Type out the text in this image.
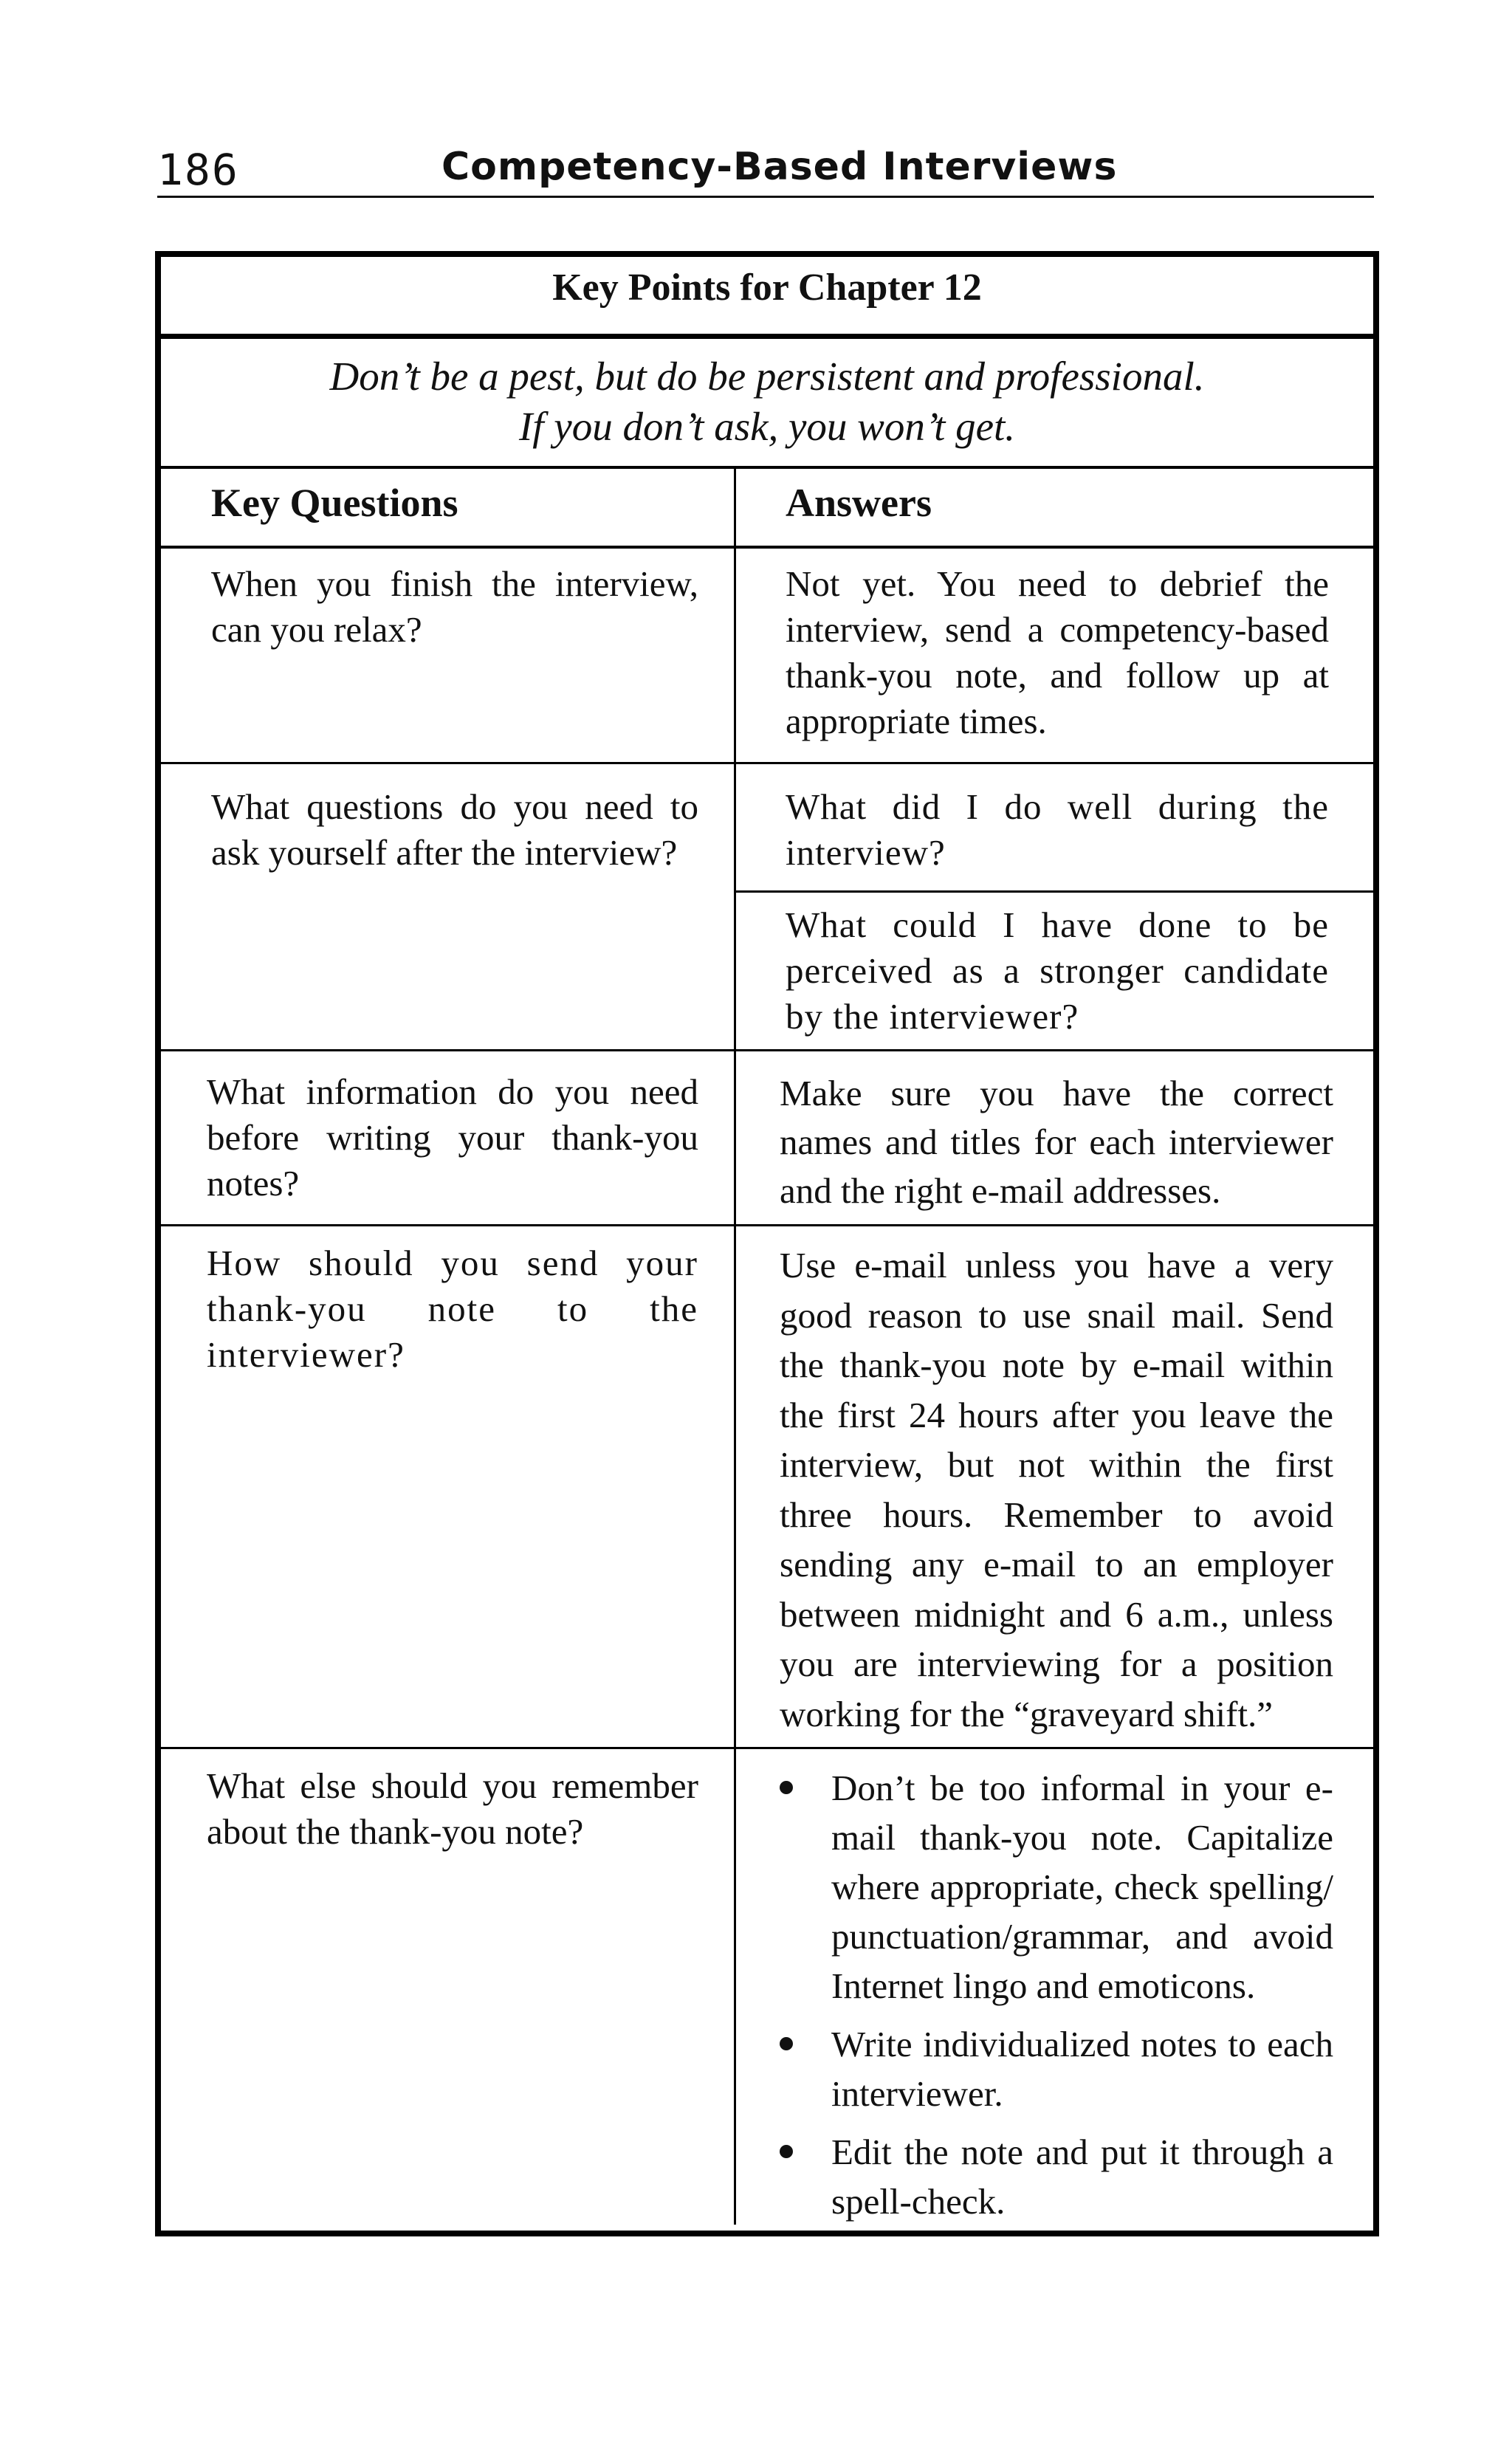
186	Competency-Based Interviews
Key Points for Chapter 12
Don’t be a pest, but do be persistent and professional.
If you don’t ask, you won’t get.
Key Questions	Answers
When you finish the interview, can you relax?
Not yet. You need to debrief the interview, send a competency-based thank-you note, and follow up at appropriate times.
What questions do you need to ask yourself after the interview?
What did I do well during the interview?
What could I have done to be perceived as a stronger candidate by the interviewer?
What information do you need before writing your thank-you notes?
Make sure you have the correct names and titles for each interviewer and the right e-mail addresses.
How should you send your thank-you note to the interviewer?
Use e-mail unless you have a very good reason to use snail mail. Send the thank-you note by e-mail within the first 24 hours after you leave the interview, but not within the first three hours. Remember to avoid sending any e-mail to an employer between midnight and 6 a.m., unless you are interviewing for a position working for the “graveyard shift.”
What else should you remember about the thank-you note?
Don’t be too informal in your e-mail thank-you note. Capitalize where appropriate, check spelling/ punctuation/grammar, and avoid Internet lingo and emoticons.
Write individualized notes to each interviewer.
Edit the note and put it through a spell-check.
